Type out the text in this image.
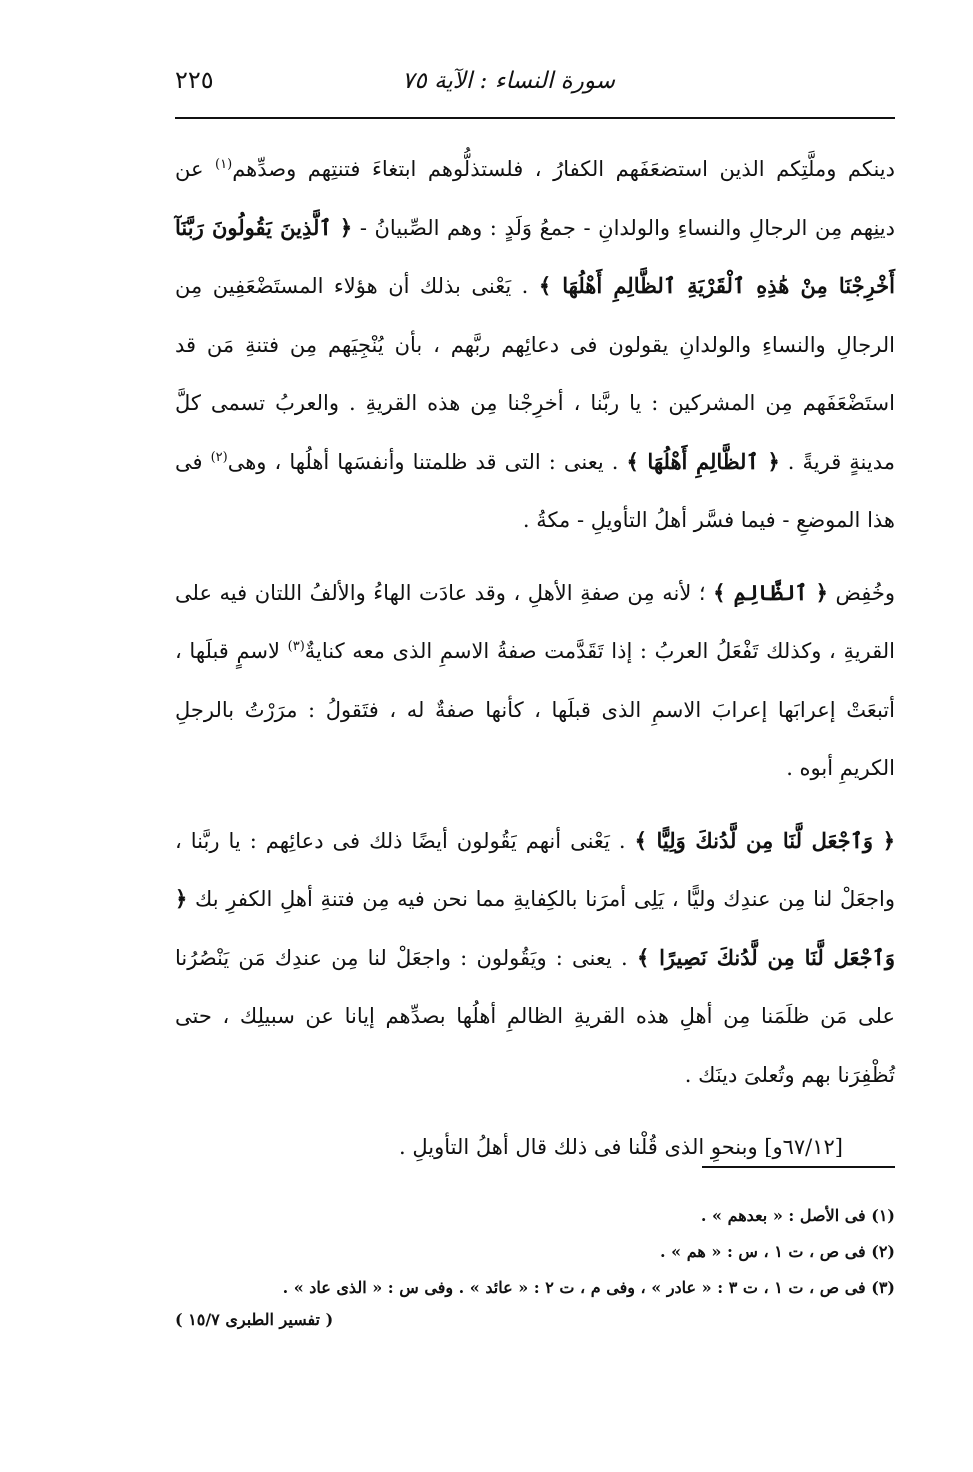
سورة النساء : الآية ٧٥
٢٢٥

دينكم وملَّتِكم الذين استضعَفَهم الكفارُ ، فلستذلُّوهم ابتغاءَ فتنتِهم وصدِّهم$^{(١)}$ عن دينِهم مِن الرجالِ والنساءِ والولدانِ - جمعُ وَلَدٍ : وهم الصِّبيانُ - ﴿ ٱلَّذِينَ يَقُولُونَ رَبَّنَآ أَخْرِجْنَا مِنْ هَٰذِهِ ٱلْقَرْيَةِ ٱلظَّالِمِ أَهْلُهَا ﴾ . يَعْنى بذلك أن هؤلاء المستَضْعَفِين مِن الرجالِ والنساءِ والولدانِ يقولون فى دعائِهم ربَّهم ، بأن يُنْجِيَهم مِن فتنةِ مَن قد استَضْعَفَهم مِن المشركين : يا ربَّنا ، أخرِجْنا مِن هذه القريةِ . والعربُ تسمى كلَّ مدينةٍ قريةً . ﴿ ٱلظَّالِمِ أَهْلُهَا ﴾ . يعنى : التى قد ظلمتنا وأنفسَها أهلُها ، وهى$^{(٢)}$ فى هذا الموضعِ - فيما فسَّر أهلُ التأويلِ - مكةُ .

وخُفِض ﴿ ٱلظَّالِمِ ﴾ ؛ لأنه مِن صفةِ الأهلِ ، وقد عادَت الهاءُ والألفُ اللتان فيه على القريةِ ، وكذلك تَفْعَلُ العربُ : إذا تَقَدَّمت صفةُ الاسمِ الذى معه كنايةٌ$^{(٣)}$ لاسمٍ قبلَها ، أتبعَتْ إعرابَها إعرابَ الاسمِ الذى قبلَها ، كأنها صفةٌ له ، فتَقولُ : مرَرْتُ بالرجلِ الكريمِ أبوه .

﴿ وَٱجْعَل لَّنَا مِن لَّدُنكَ وَلِيًّا ﴾ . يَعْنى أنهم يَقُولون أيضًا ذلك فى دعائِهم : يا ربَّنا ، واجعَلْ لنا مِن عندِك وليًّا ، يَلِى أمرَنا بالكِفايةِ مما نحن فيه مِن فتنةِ أهلِ الكفرِ بك ﴿ وَٱجْعَل لَّنَا مِن لَّدُنكَ نَصِيرًا ﴾ . يعنى : ويَقُولون : واجعَلْ لنا مِن عندِك مَن يَنْصُرُنا على مَن ظلَمَنا مِن أهلِ هذه القريةِ الظالمِ أهلُها بصدِّهم إيانا عن سبيلِك ، حتى تُظْفِرَنا بهم وتُعلىَ دينَك .

[٦٧/١٢و] وبنحوِ الذى قُلْنا فى ذلك قال أهلُ التأويلِ .

(١) فى الأصل : « بعدهم » .
(٢) فى ص ، ت ١ ، س : « هم » .
(٣) فى ص ، ت ١ ، ت ٣ : « عادر » ، وفى م ، ت ٢ : « عائد » . وفى س : « الذى عاد » .
( تفسير الطبرى ١٥/٧ )
